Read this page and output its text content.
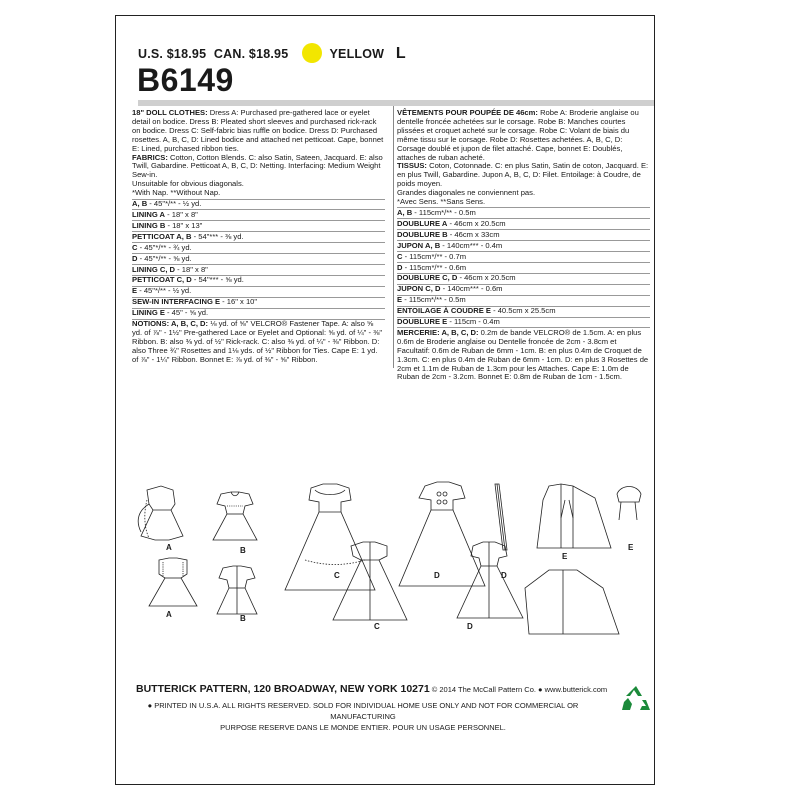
U.S. $18.95 CAN. $18.95	YELLOW L
B6149

18" DOLL CLOTHES: Dress A: Purchased pre-gathered lace or eyelet detail on bodice. Dress B: Pleated short sleeves and purchased rick-rack on bodice. Dress C: Self-fabric bias ruffle on bodice. Dress D: Purchased rosettes. A, B, C, D: Lined bodice and attached net petticoat. Cape, bonnet E: Lined, purchased ribbon ties.

FABRICS: Cotton, Cotton Blends. C: also Satin, Sateen, Jacquard. E: also Twill, Gabardine. Petticoat A, B, C, D: Netting. Interfacing: Medium Weight Sew-in.

Unsuitable for obvious diagonals.

*With Nap. **Without Nap.

A, B - 45"*/** - ½ yd.
LINING A - 18" x 8"
LINING B - 18" x 13"
PETTICOAT A, B - 54"*** - ⅜ yd.
C - 45"*/** - ¾ yd.
D - 45"*/** - ⅝ yd.
LINING C, D - 18" x 8"
PETTICOAT C, D - 54"*** - ⅝ yd.
E - 45"*/** - ½ yd.
SEW-IN INTERFACING E - 16" x 10"
LINING E - 45" - ⅝ yd.

NOTIONS: A, B, C, D: ⅛ yd. of ⅝" VELCRO® Fastener Tape. A: also ⅝ yd. of ⅞" - 1½" Pre-gathered Lace or Eyelet and Optional: ⅝ yd. of ¼" - ⅜" Ribbon. B: also ⅜ yd. of ½" Rick-rack. C: also ⅜ yd. of ¼" - ⅜" Ribbon. D: also Three ¾" Rosettes and 1⅛ yds. of ½" Ribbon for Ties. Cape E: 1 yd. of ⅞" - 1¼" Ribbon. Bonnet E: ⅞ yd. of ⅜" - ⅝" Ribbon.

VÊTEMENTS POUR POUPÉE DE 46cm: Robe A: Broderie anglaise ou dentelle froncée achetées sur le corsage. Robe B: Manches courtes plissées et croquet acheté sur le corsage. Robe C: Volant de biais du même tissu sur le corsage. Robe D: Rosettes achetées. A, B, C, D: Corsage doublé et jupon de filet attaché. Cape, bonnet E: Doublés, attaches de ruban acheté.

TISSUS: Coton, Cotonnade. C: en plus Satin, Satin de coton, Jacquard. E: en plus Twill, Gabardine. Jupon A, B, C, D: Filet. Entoilage: à Coudre, de poids moyen.

Grandes diagonales ne conviennent pas.

*Avec Sens. **Sans Sens.

A, B - 115cm*/** - 0.5m
DOUBLURE A - 46cm x 20.5cm
DOUBLURE B - 46cm x 33cm
JUPON A, B - 140cm*** - 0.4m
C - 115cm*/** - 0.7m
D - 115cm*/** - 0.6m
DOUBLURE C, D - 46cm x 20.5cm
JUPON C, D - 140cm*** - 0.6m
E - 115cm*/** - 0.5m
ENTOILAGE À COUDRE E - 40.5cm x 25.5cm
DOUBLURE E - 115cm - 0.4m

MERCERIE: A, B, C, D: 0.2m de bande VELCRO® de 1.5cm. A: en plus 0.6m de Broderie anglaise ou Dentelle froncée de 2cm - 3.8cm et Facultatif: 0.6m de Ruban de 6mm - 1cm. B: en plus 0.4m de Croquet de 1.3cm. C: en plus 0.4m de Ruban de 6mm - 1cm. D: en plus 3 Rosettes de 2cm et 1.1m de Ruban de 1.3cm pour les Attaches. Cape E: 1.0m de Ruban de 2cm - 3.2cm. Bonnet E: 0.8m de Ruban de 1cm - 1.5cm.

A	B
A	B
C
C
D	D
D
E
E
BUTTERICK PATTERN, 120 BROADWAY, NEW YORK 10271 © 2014 The McCall Pattern Co. ● www.butterick.com
● PRINTED IN U.S.A. ALL RIGHTS RESERVED. SOLD FOR INDIVIDUAL HOME USE ONLY AND NOT FOR COMMERCIAL OR MANUFACTURING
PURPOSE RESERVE DANS LE MONDE ENTIER. POUR UN USAGE PERSONNEL.
